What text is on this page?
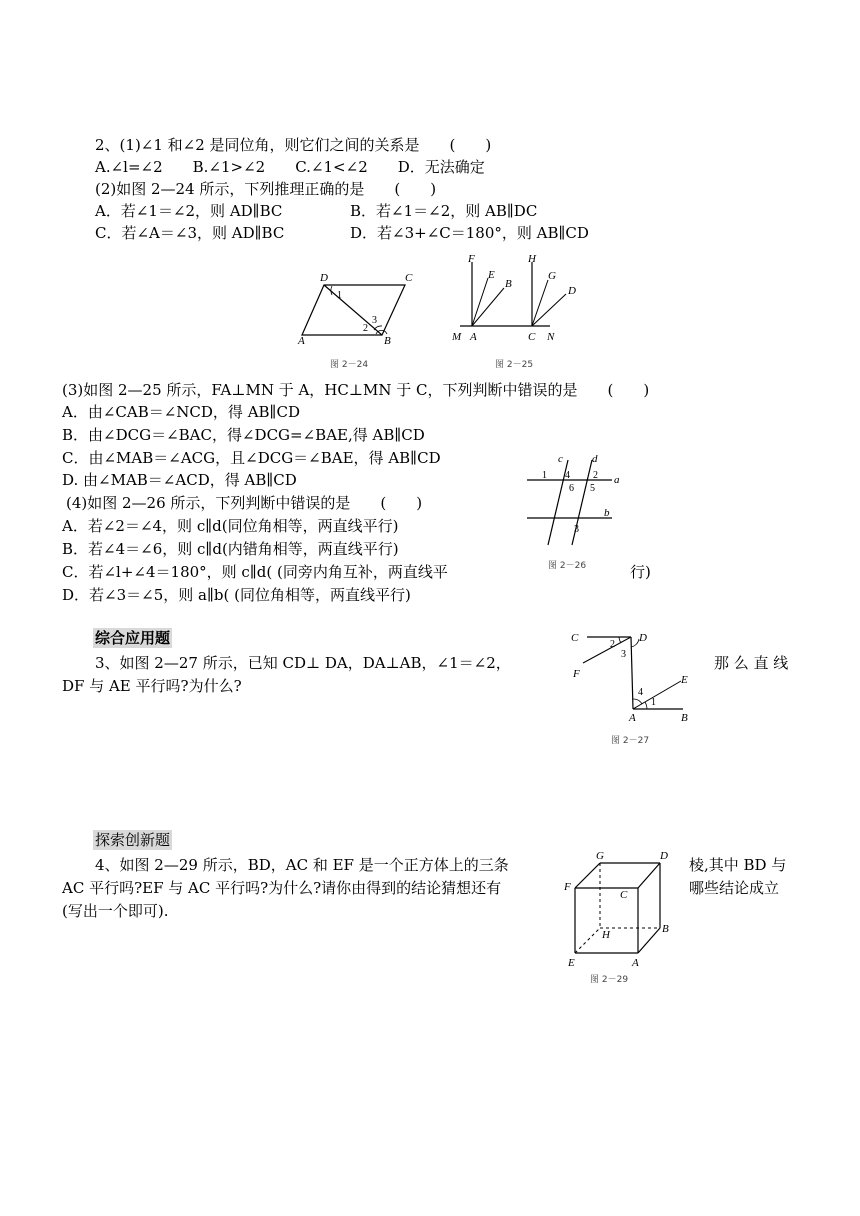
2、(1)∠1 和∠2 是同位角，则它们之间的关系是　　(　　)
A.∠l=∠2　　B.∠1>∠2　　C.∠1<∠2　　D．无法确定
(2)如图 2—24 所示，下列推理正确的是　　(　　)
A．若∠1＝∠2，则 AD∥BC	B．若∠1＝∠2，则 AB∥DC
C．若∠A＝∠3，则 AD∥BC	D．若∠3+∠C＝180°，则 AB∥CD
D	C
A	B
1
2
3
图 2－24
F	H
E
B
G
D
M A	C N
图 2－25
(3)如图 2—25 所示，FA⊥MN 于 A，HC⊥MN 于 C，下列判断中错误的是　　(　　)
A．由∠CAB＝∠NCD，得 AB∥CD
B．由∠DCG＝∠BAC，得∠DCG=∠BAE,得 AB∥CD
C．由∠MAB＝∠ACG，且∠DCG＝∠BAE，得 AB∥CD
D. 由∠MAB＝∠ACD，得 AB∥CD
c	d
1 4 2
6 5
a
b
3
图 2－26
(4)如图 2—26 所示，下列判断中错误的是　　(　　)
A．若∠2＝∠4，则 c∥d(同位角相等，两直线平行)
B．若∠4＝∠6，则 c∥d(内错角相等，两直线平行)
C．若∠l+∠4＝180°，则 c∥d( (同旁内角互补，两直线平	行)
D．若∠3＝∠5，则 a∥b( (同位角相等，两直线平行)
综合应用题
3、如图 2—27 所示，已知 CD⊥ DA，DA⊥AB，∠1＝∠2，	那 么 直 线
DF 与 AE 平行吗?为什么?
C	D
2
3
F
4
E
1
A	B
图 2－27
探索创新题
4、如图 2—29 所示，BD，AC 和 EF 是一个正方体上的三条	棱,其中 BD 与
AC 平行吗?EF 与 AC 平行吗?为什么?请你由得到的结论猜想还有	哪些结论成立
(写出一个即可).
G	D
F
C
H	B
E	A
图 2－29
